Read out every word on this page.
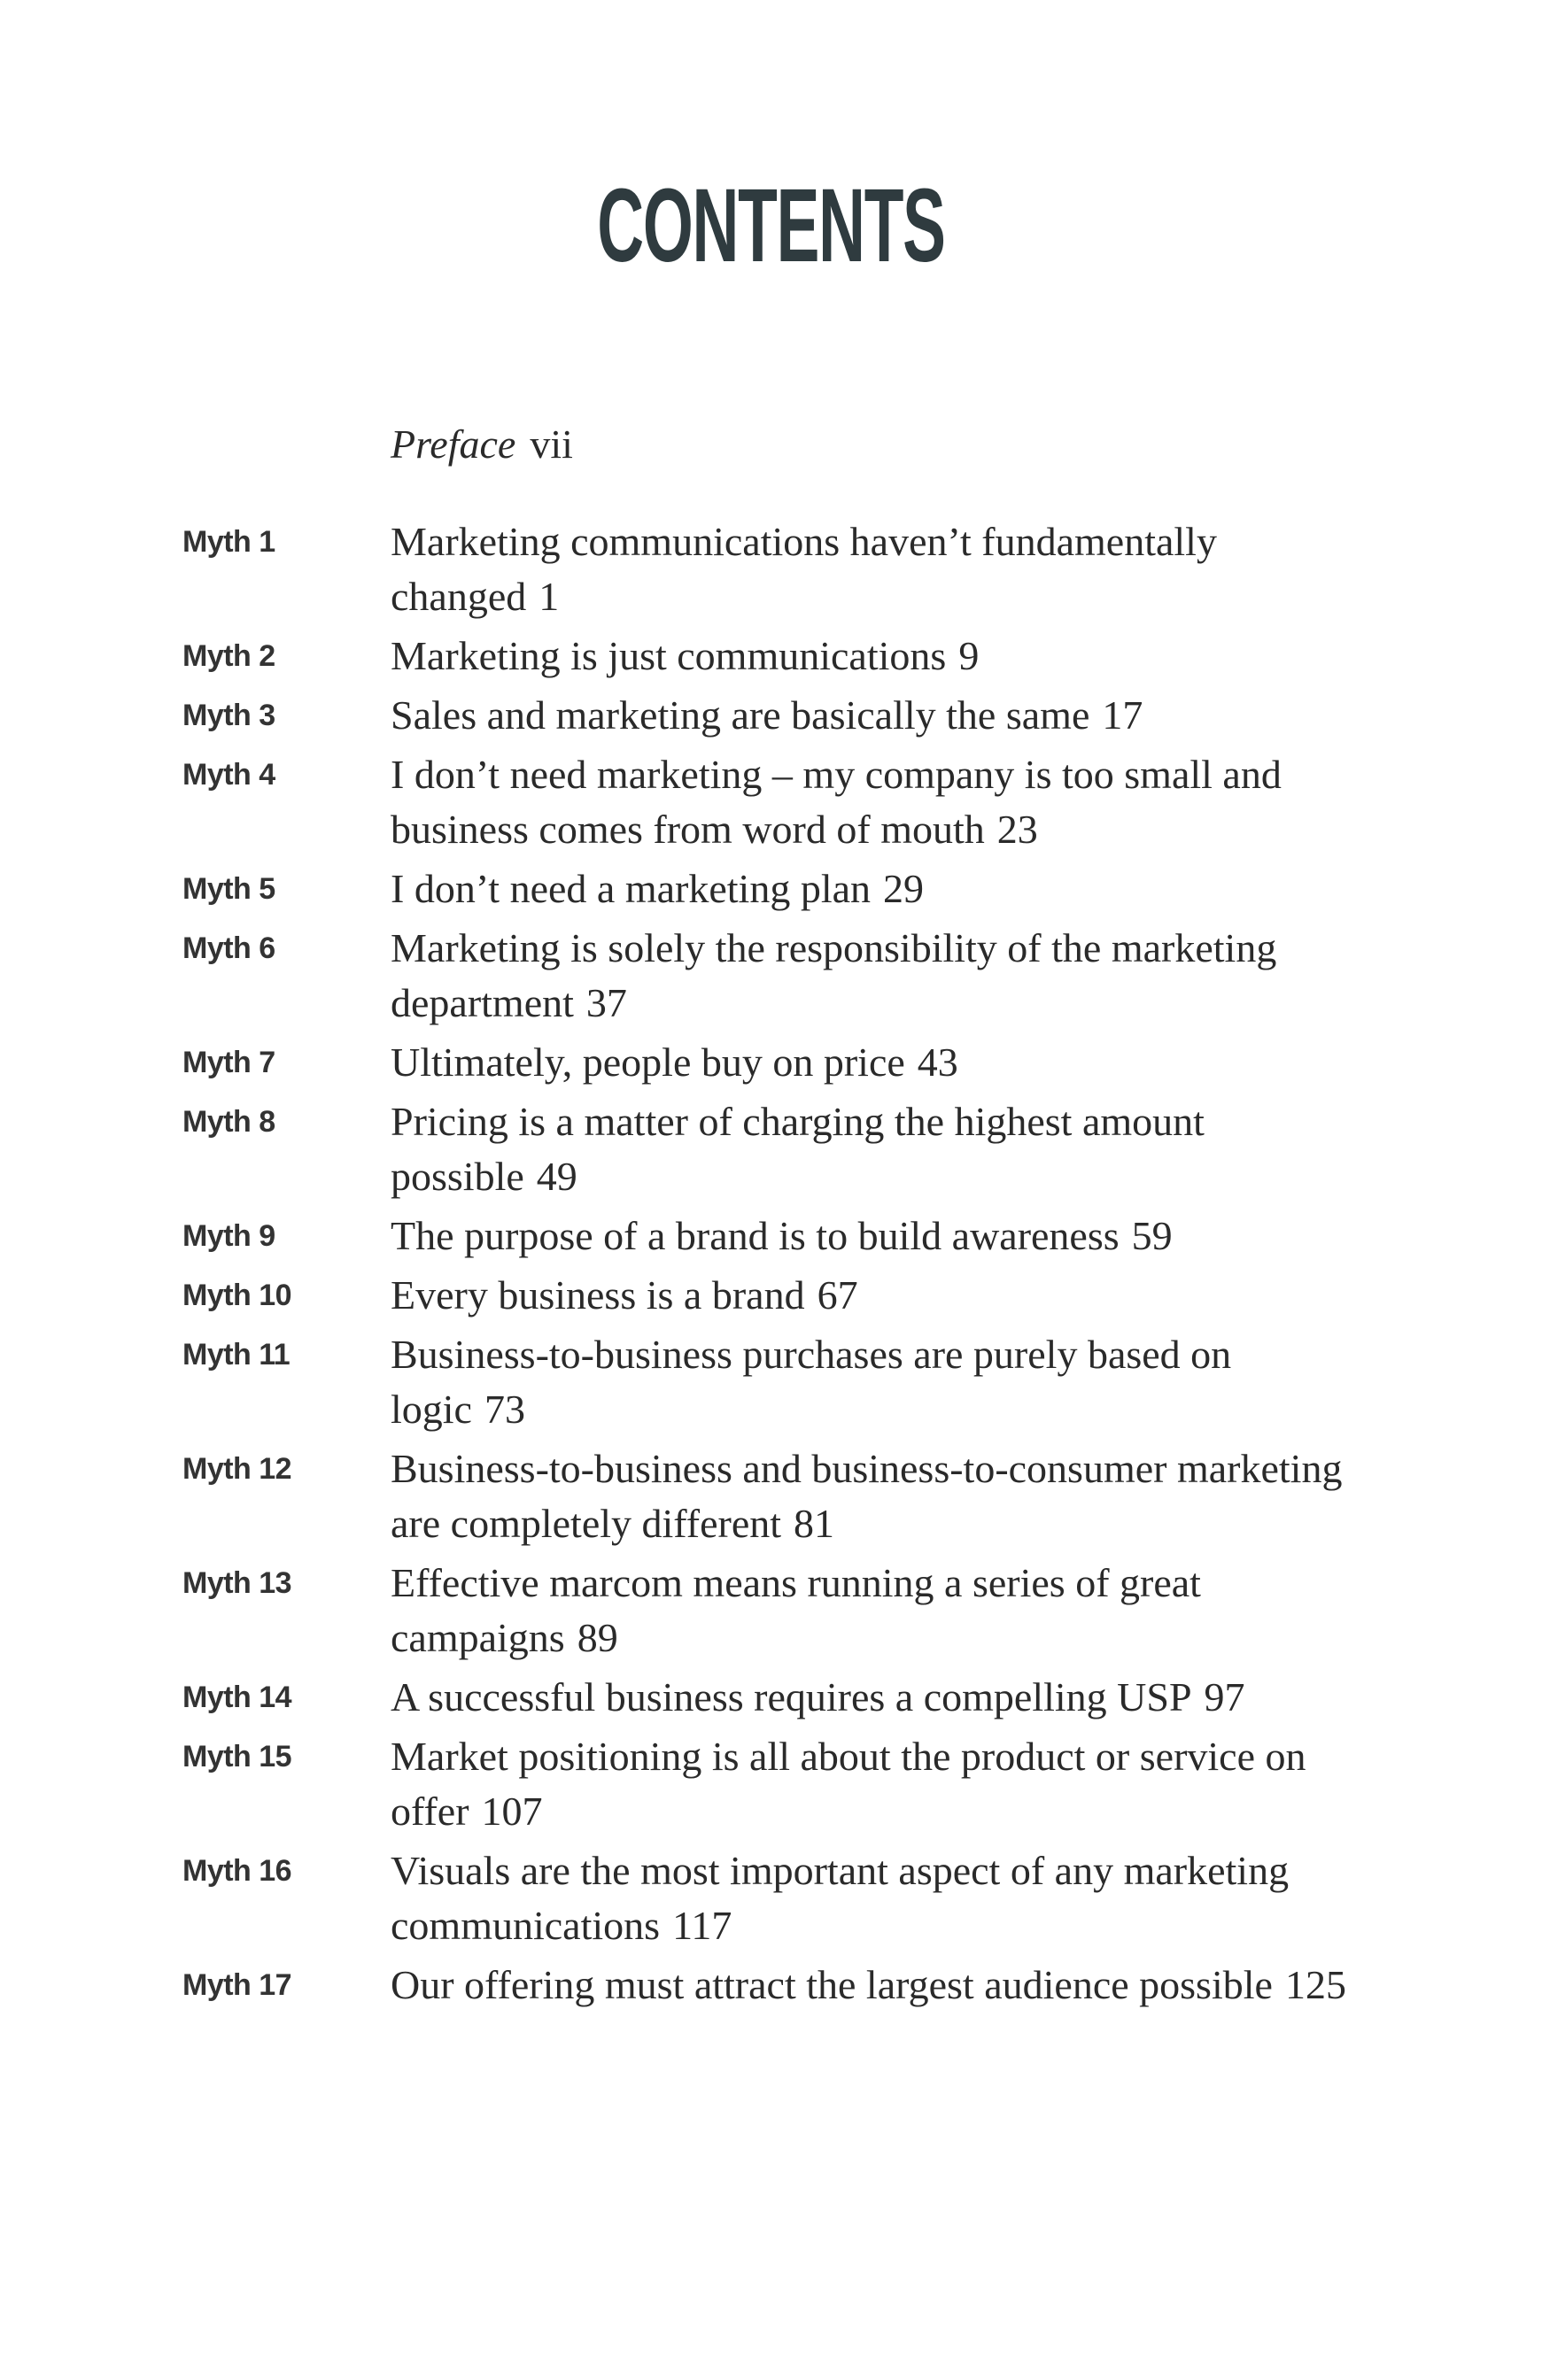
CONTENTS
Preface vii
Myth 1	Marketing communications haven’t fundamentally changed 1
Myth 2	Marketing is just communications 9
Myth 3	Sales and marketing are basically the same 17
Myth 4	I don’t need marketing – my company is too small and business comes from word of mouth 23
Myth 5	I don’t need a marketing plan 29
Myth 6	Marketing is solely the responsibility of the marketing department 37
Myth 7	Ultimately, people buy on price 43
Myth 8	Pricing is a matter of charging the highest amount possible 49
Myth 9	The purpose of a brand is to build awareness 59
Myth 10	Every business is a brand 67
Myth 11	Business-to-business purchases are purely based on logic 73
Myth 12	Business-to-business and business-to-consumer marketing are completely different 81
Myth 13	Effective marcom means running a series of great campaigns 89
Myth 14	A successful business requires a compelling USP 97
Myth 15	Market positioning is all about the product or service on offer 107
Myth 16	Visuals are the most important aspect of any marketing communications 117
Myth 17	Our offering must attract the largest audience possible 125
